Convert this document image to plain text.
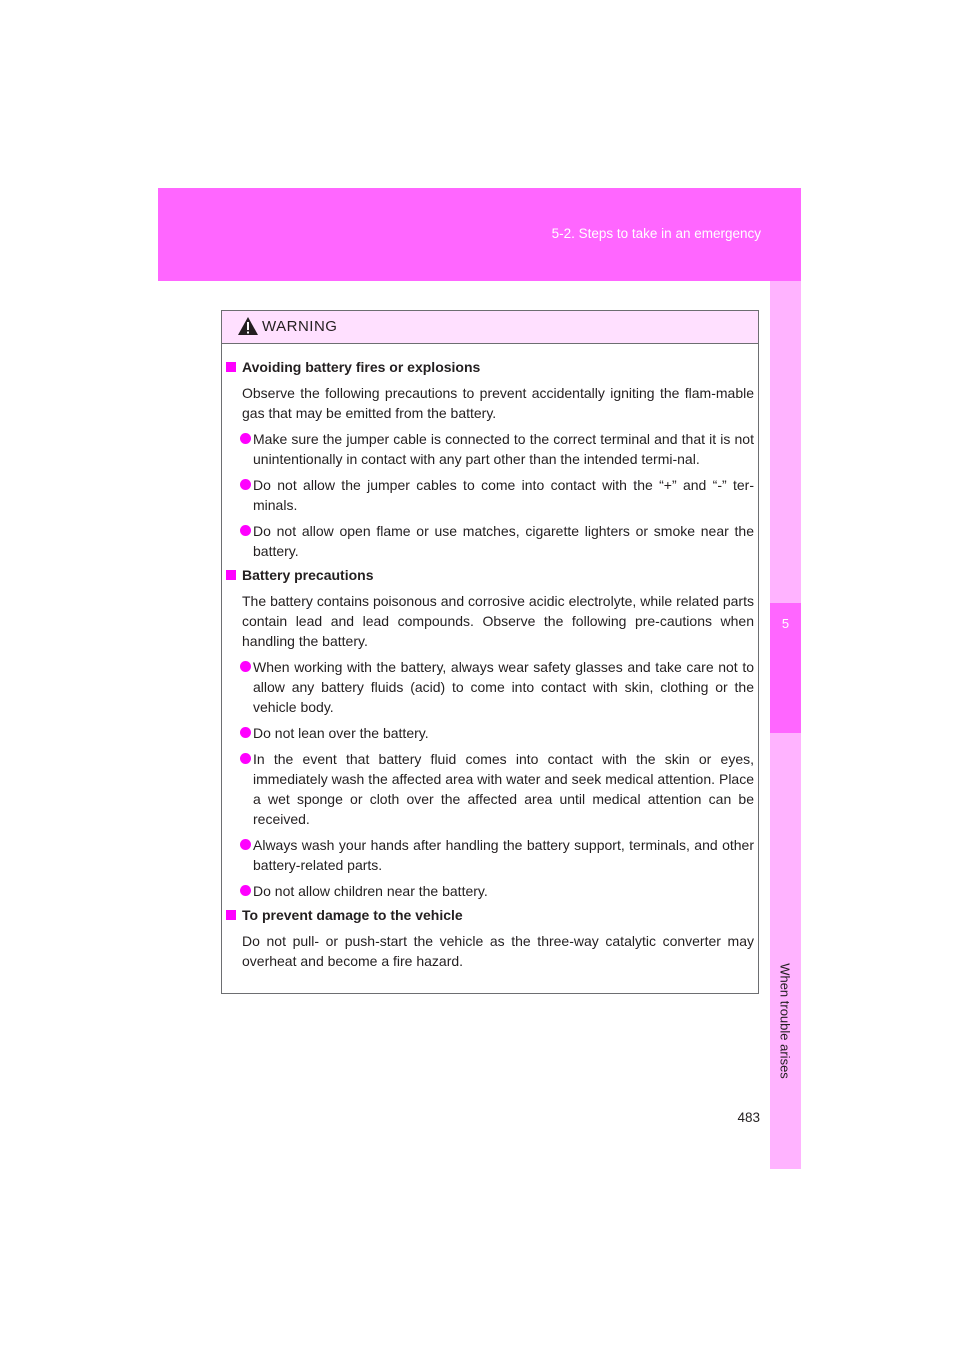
5-2. Steps to take in an emergency
5
When trouble arises
WARNING
Avoiding battery fires or explosions
Observe the following precautions to prevent accidentally igniting the flam-mable gas that may be emitted from the battery.
Make sure the jumper cable is connected to the correct terminal and that it is not unintentionally in contact with any part other than the intended termi-nal.
Do not allow the jumper cables to come into contact with the “+” and “-” ter-minals.
Do not allow open flame or use matches, cigarette lighters or smoke near the battery.
Battery precautions
The battery contains poisonous and corrosive acidic electrolyte, while related parts contain lead and lead compounds. Observe the following pre-cautions when handling the battery.
When working with the battery, always wear safety glasses and take care not to allow any battery fluids (acid) to come into contact with skin, clothing or the vehicle body.
Do not lean over the battery.
In the event that battery fluid comes into contact with the skin or eyes, immediately wash the affected area with water and seek medical attention. Place a wet sponge or cloth over the affected area until medical attention can be received.
Always wash your hands after handling the battery support, terminals, and other battery-related parts.
Do not allow children near the battery.
To prevent damage to the vehicle
Do not pull- or push-start the vehicle as the three-way catalytic converter may overheat and become a fire hazard.
483
